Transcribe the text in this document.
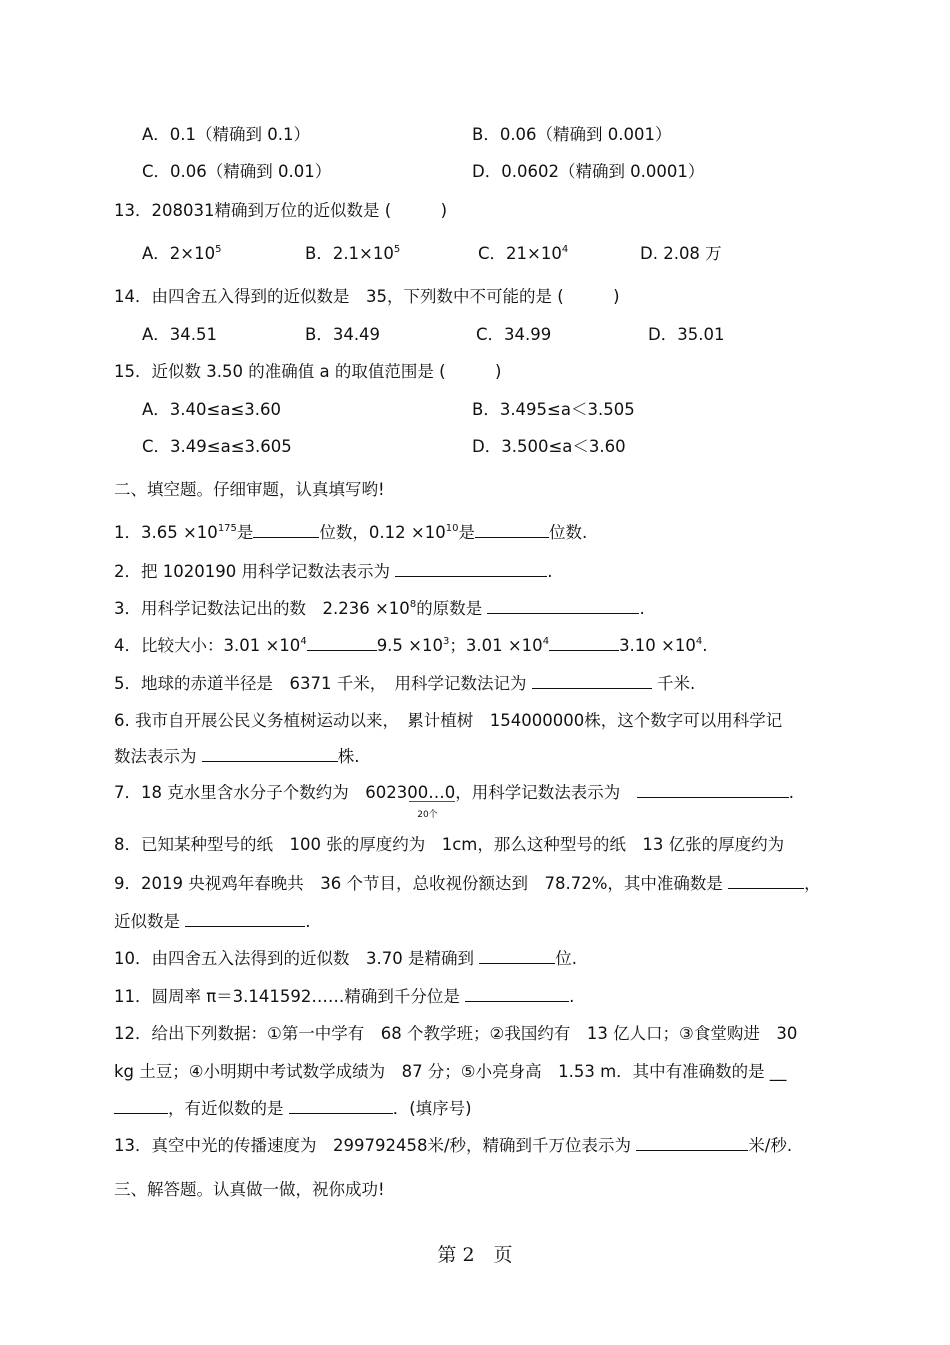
A．0.1（精确到 0.1）	B．0.06（精确到 0.001）
C．0.06（精确到 0.01）	D．0.0602（精确到 0.0001）
13．208031精确到万位的近似数是 (　　　)
A．$2\times 10^5$	B．$2.1\times 10^5$	C．$21\times 10^4$	D. 2.08 万
14．由四舍五入得到的近似数是　35，下列数中不可能的是 (　　　)
A．34.51	B．34.49	C．34.99	D．35.01
15．近似数 3.50 的准确值 a 的取值范围是 (　　　)
A．3.40≤a≤3.60	B．3.495≤a＜3.505
C．3.49≤a≤3.605	D．3.500≤a＜3.60
二、填空题。仔细审题，认真填写哟!
1．$3.65 \times 10^{175}$是	位数，$0.12 \times 10^{10}$是	位数.
2．把 1020190 用科学记数法表示为	.
3．用科学记数法记出的数　$2.236 \times 10^8$的原数是	.
4．比较大小：$3.01 \times 10^4$	$9.5 \times 10^3$；$3.01 \times 10^4$	$3.10 \times 10^4$.
5．地球的赤道半径是　6371 千米，　用科学记数法记为	千米.
6. 我市自开展公民义务植树运动以来，　累计植树　154000000株，这个数字可以用科学记
数法表示为	株.
7．18 克水里含水分子个数约为　602300…0
20个
，用科学记数法表示为　	.
8．已知某种型号的纸　100 张的厚度约为　1cm，那么这种型号的纸　13 亿张的厚度约为
9．2019 央视鸡年春晚共　36 个节目，总收视份额达到　78.72%，其中准确数是	，
近似数是	.
10．由四舍五入法得到的近似数　3.70 是精确到	位.
11．圆周率 π＝3.141592……精确到千分位是	.
12．给出下列数据：①第一中学有　68 个教学班；②我国约有　13 亿人口；③食堂购进　30
kg 土豆；④小明期中考试数学成绩为　87 分；⑤小亮身高　1.53 m．其中有准确数的是 __
，有近似数的是	．(填序号)
13．真空中光的传播速度为　299792458米/秒，精确到千万位表示为	米/秒.
三、解答题。认真做一做，祝你成功!
第 2　页
